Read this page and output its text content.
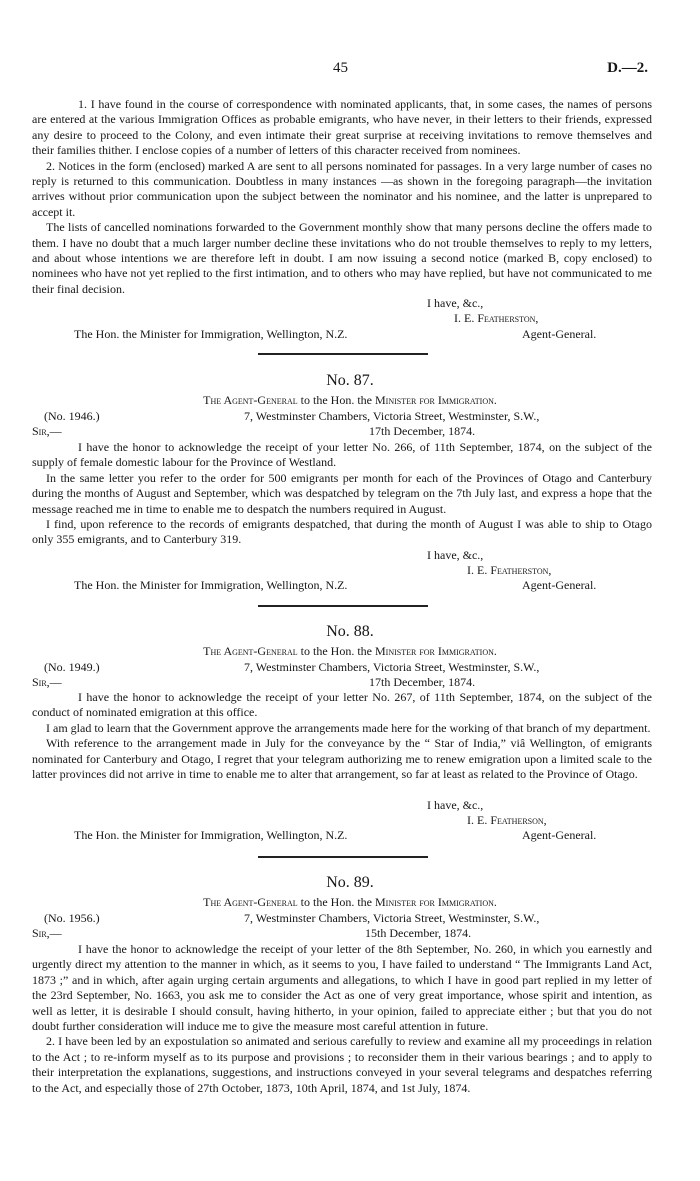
45	D.—2.

1. I have found in the course of correspondence with nominated applicants, that, in some cases, the names of persons are entered at the various Immigration Offices as probable emigrants, who have never, in their letters to their friends, expressed any desire to proceed to the Colony, and even intimate their great surprise at receiving invitations to remove themselves and their families thither. I enclose copies of a number of letters of this character received from nominees.

2. Notices in the form (enclosed) marked A are sent to all persons nominated for passages. In a very large number of cases no reply is returned to this communication. Doubtless in many instances —as shown in the foregoing paragraph—the invitation arrives without prior communication upon the subject between the nominator and his nominee, and the latter is unprepared to accept it.

The lists of cancelled nominations forwarded to the Government monthly show that many persons decline the offers made to them. I have no doubt that a much larger number decline these invitations who do not trouble themselves to reply to my letters, and about whose intentions we are therefore left in doubt. I am now issuing a second notice (marked B, copy enclosed) to nominees who have not yet replied to the first intimation, and to others who may have replied, but have not communicated to me their final decision.

I have, &c.,
I. E. Featherston,
The Hon. the Minister for Immigration, Wellington, N.Z.	Agent-General.
No. 87.
The Agent-General to the Hon. the Minister for Immigration.
(No. 1946.)	7, Westminster Chambers, Victoria Street, Westminster, S.W.,
Sir,—	17th December, 1874.

I have the honor to acknowledge the receipt of your letter No. 266, of 11th September, 1874, on the subject of the supply of female domestic labour for the Province of Westland.

In the same letter you refer to the order for 500 emigrants per month for each of the Provinces of Otago and Canterbury during the months of August and September, which was despatched by telegram on the 7th July last, and express a hope that the message reached me in time to enable me to despatch the numbers required in August.

I find, upon reference to the records of emigrants despatched, that during the month of August I was able to ship to Otago only 355 emigrants, and to Canterbury 319.

I have, &c.,
I. E. Featherston,
The Hon. the Minister for Immigration, Wellington, N.Z.	Agent-General.
No. 88.
The Agent-General to the Hon. the Minister for Immigration.
(No. 1949.)	7, Westminster Chambers, Victoria Street, Westminster, S.W.,
Sir,—	17th December, 1874.

I have the honor to acknowledge the receipt of your letter No. 267, of 11th September, 1874, on the subject of the conduct of nominated emigration at this office.

I am glad to learn that the Government approve the arrangements made here for the working of that branch of my department.

With reference to the arrangement made in July for the conveyance by the “ Star of India,” viâ Wellington, of emigrants nominated for Canterbury and Otago, I regret that your telegram authorizing me to renew emigration upon a limited scale to the latter provinces did not arrive in time to enable me to alter that arrangement, so far at least as related to the Province of Otago.

I have, &c.,
I. E. Featherson,
The Hon. the Minister for Immigration, Wellington, N.Z.	Agent-General.
No. 89.
The Agent-General to the Hon. the Minister for Immigration.
(No. 1956.)	7, Westminster Chambers, Victoria Street, Westminster, S.W.,
Sir,—	15th December, 1874.

I have the honor to acknowledge the receipt of your letter of the 8th September, No. 260, in which you earnestly and urgently direct my attention to the manner in which, as it seems to you, I have failed to understand “ The Immigrants Land Act, 1873 ;” and in which, after again urging certain arguments and allegations, to which I have in good part replied in my letter of the 23rd September, No. 1663, you ask me to consider the Act as one of very great importance, whose spirit and intention, as well as letter, it is desirable I should consult, having hitherto, in your opinion, failed to appreciate either ; but that you do not doubt further consideration will induce me to give the measure most careful attention in future.

2. I have been led by an expostulation so animated and serious carefully to review and examine all my proceedings in relation to the Act ; to re-inform myself as to its purpose and provisions ; to reconsider them in their various bearings ; and to apply to their interpretation the explanations, suggestions, and instructions conveyed in your several telegrams and despatches referring to the Act, and especially those of 27th October, 1873, 10th April, 1874, and 1st July, 1874.
